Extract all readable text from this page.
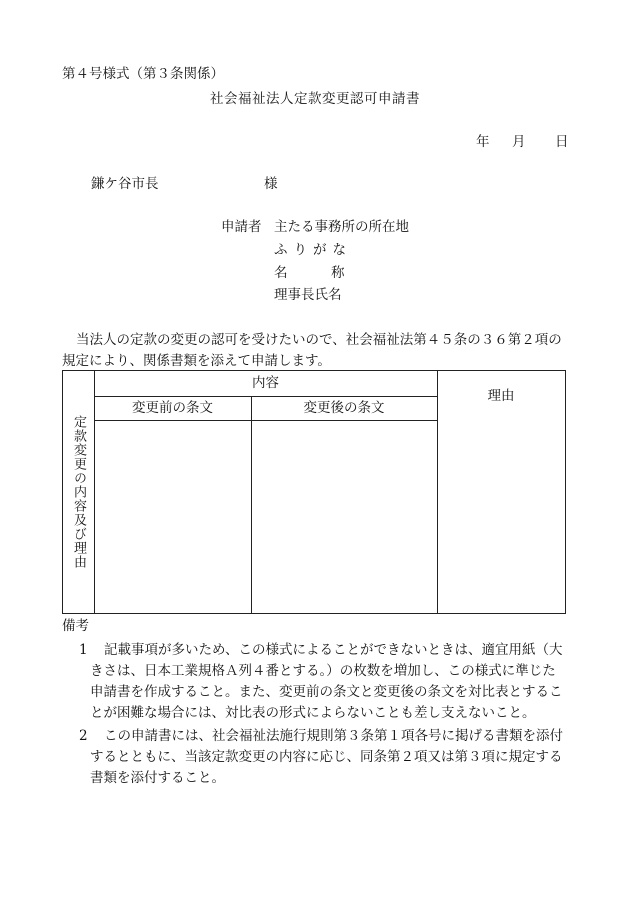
第４号様式（第３条関係）
社会福祉法人定款変更認可申請書
年 月 日
鎌ケ谷市長	様
申請者 主たる事務所の所在地
ふりがな
名	称
理事長氏名
当法人の定款の変更の認可を受けたいので、社会福祉法第４５条の３６第２項の規定により、関係書類を添えて申請します。
定款変更の内容及び理由
内容
変更前の条文	変更後の条文
理由
備考
1	記載事項が多いため、この様式によることができないときは、適宜用紙（大きさは、日本工業規格Ａ列４番とする。）の枚数を増加し、この様式に準じた申請書を作成すること。また、変更前の条文と変更後の条文を対比表とすることが困難な場合には、対比表の形式によらないことも差し支えないこと。
2	この申請書には、社会福祉法施行規則第３条第１項各号に掲げる書類を添付するとともに、当該定款変更の内容に応じ、同条第２項又は第３項に規定する書類を添付すること。
